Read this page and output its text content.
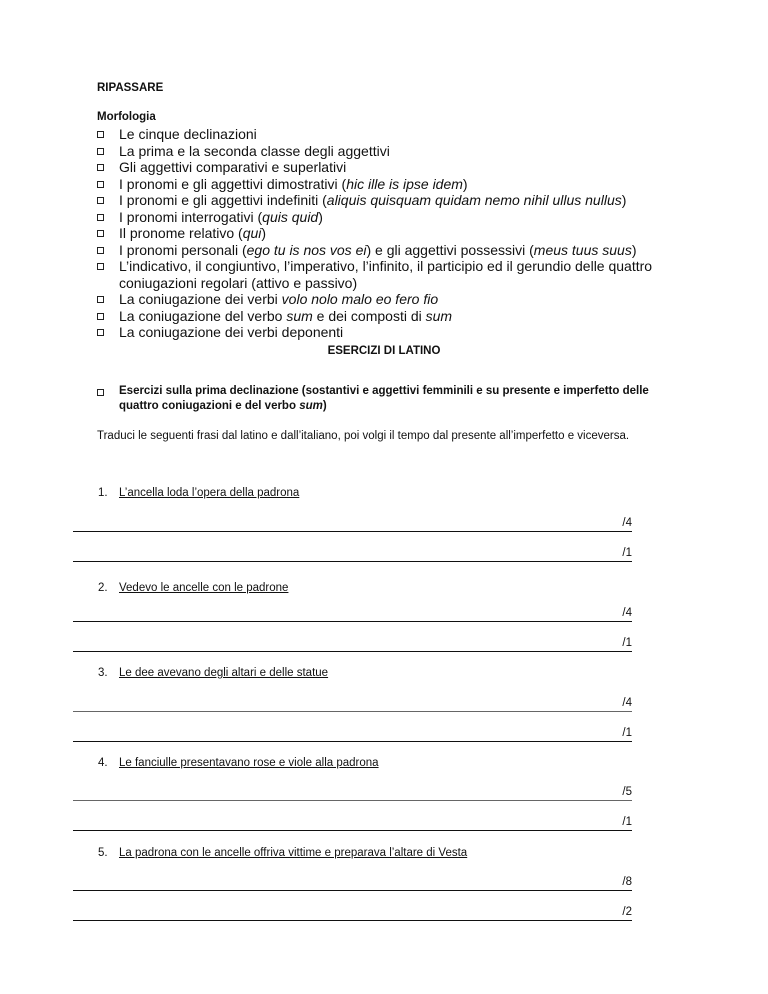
RIPASSARE
Morfologia
Le cinque declinazioni
La prima e la seconda classe degli aggettivi
Gli aggettivi comparativi e superlativi
I pronomi e gli aggettivi dimostrativi (hic ille is ipse idem)
I pronomi e gli aggettivi indefiniti (aliquis quisquam quidam nemo nihil ullus nullus)
I pronomi interrogativi (quis quid)
Il pronome relativo (qui)
I pronomi personali (ego tu is nos vos ei) e gli aggettivi possessivi (meus tuus suus)
L’indicativo, il congiuntivo, l’imperativo, l’infinito, il participio ed il gerundio delle quattro coniugazioni regolari (attivo e passivo)
La coniugazione dei verbi volo nolo malo eo fero fio
La coniugazione del verbo sum e dei composti di sum
La coniugazione dei verbi deponenti
ESERCIZI DI LATINO
Esercizi sulla prima declinazione (sostantivi e aggettivi femminili e su presente e imperfetto delle quattro coniugazioni e del verbo sum)
Traduci le seguenti frasi dal latino e dall’italiano, poi volgi il tempo dal presente all’imperfetto e viceversa.
1. L’ancella loda l’opera della padrona
/4
/1
2. Vedevo le ancelle con le padrone
/4
/1
3. Le dee avevano degli altari e delle statue
/4
/1
4. Le fanciulle presentavano rose e viole alla padrona
/5
/1
5. La padrona con le ancelle offriva vittime e preparava l’altare di Vesta
/8
/2
